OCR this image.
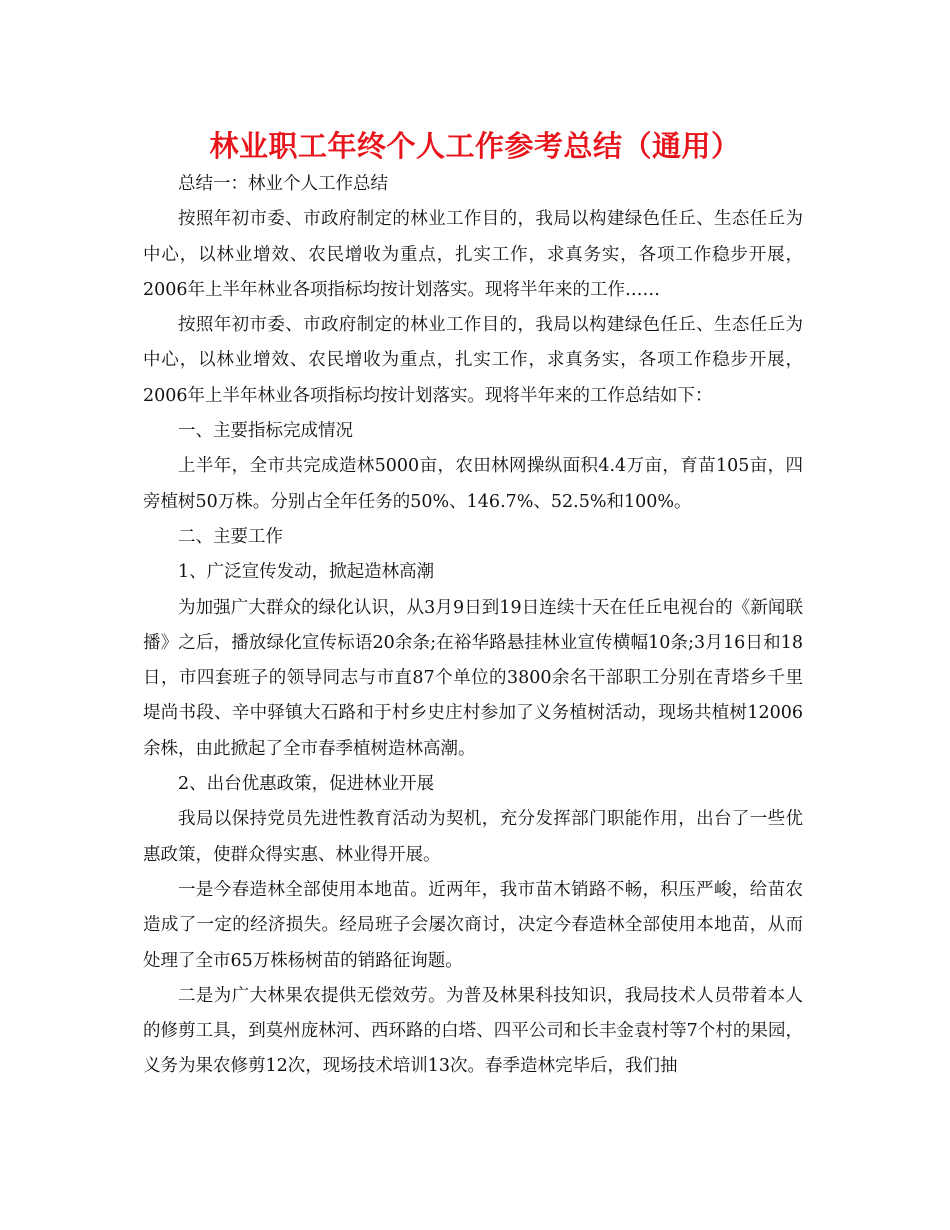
林业职工年终个人工作参考总结（通用）

总结一：林业个人工作总结

按照年初市委、市政府制定的林业工作目的，我局以构建绿色任丘、生态任丘为中心，以林业增效、农民增收为重点，扎实工作，求真务实，各项工作稳步开展，2006年上半年林业各项指标均按计划落实。现将半年来的工作……

按照年初市委、市政府制定的林业工作目的，我局以构建绿色任丘、生态任丘为中心，以林业增效、农民增收为重点，扎实工作，求真务实，各项工作稳步开展，2006年上半年林业各项指标均按计划落实。现将半年来的工作总结如下：

一、主要指标完成情况

上半年，全市共完成造林5000亩，农田林网操纵面积4.4万亩，育苗105亩，四旁植树50万株。分别占全年任务的50%、146.7%、52.5%和100%。

二、主要工作

1、广泛宣传发动，掀起造林高潮

为加强广大群众的绿化认识，从3月9日到19日连续十天在任丘电视台的《新闻联播》之后，播放绿化宣传标语20余条;在裕华路悬挂林业宣传横幅10条;3月16日和18日，市四套班子的领导同志与市直87个单位的3800余名干部职工分别在青塔乡千里堤尚书段、辛中驿镇大石路和于村乡史庄村参加了义务植树活动，现场共植树12006余株，由此掀起了全市春季植树造林高潮。

2、出台优惠政策，促进林业开展

我局以保持党员先进性教育活动为契机，充分发挥部门职能作用，出台了一些优惠政策，使群众得实惠、林业得开展。

一是今春造林全部使用本地苗。近两年，我市苗木销路不畅，积压严峻，给苗农造成了一定的经济损失。经局班子会屡次商讨，决定今春造林全部使用本地苗，从而处理了全市65万株杨树苗的销路征询题。

二是为广大林果农提供无偿效劳。为普及林果科技知识，我局技术人员带着本人的修剪工具，到莫州庞林河、西环路的白塔、四平公司和长丰金袁村等7个村的果园，义务为果农修剪12次，现场技术培训13次。春季造林完毕后，我们抽
